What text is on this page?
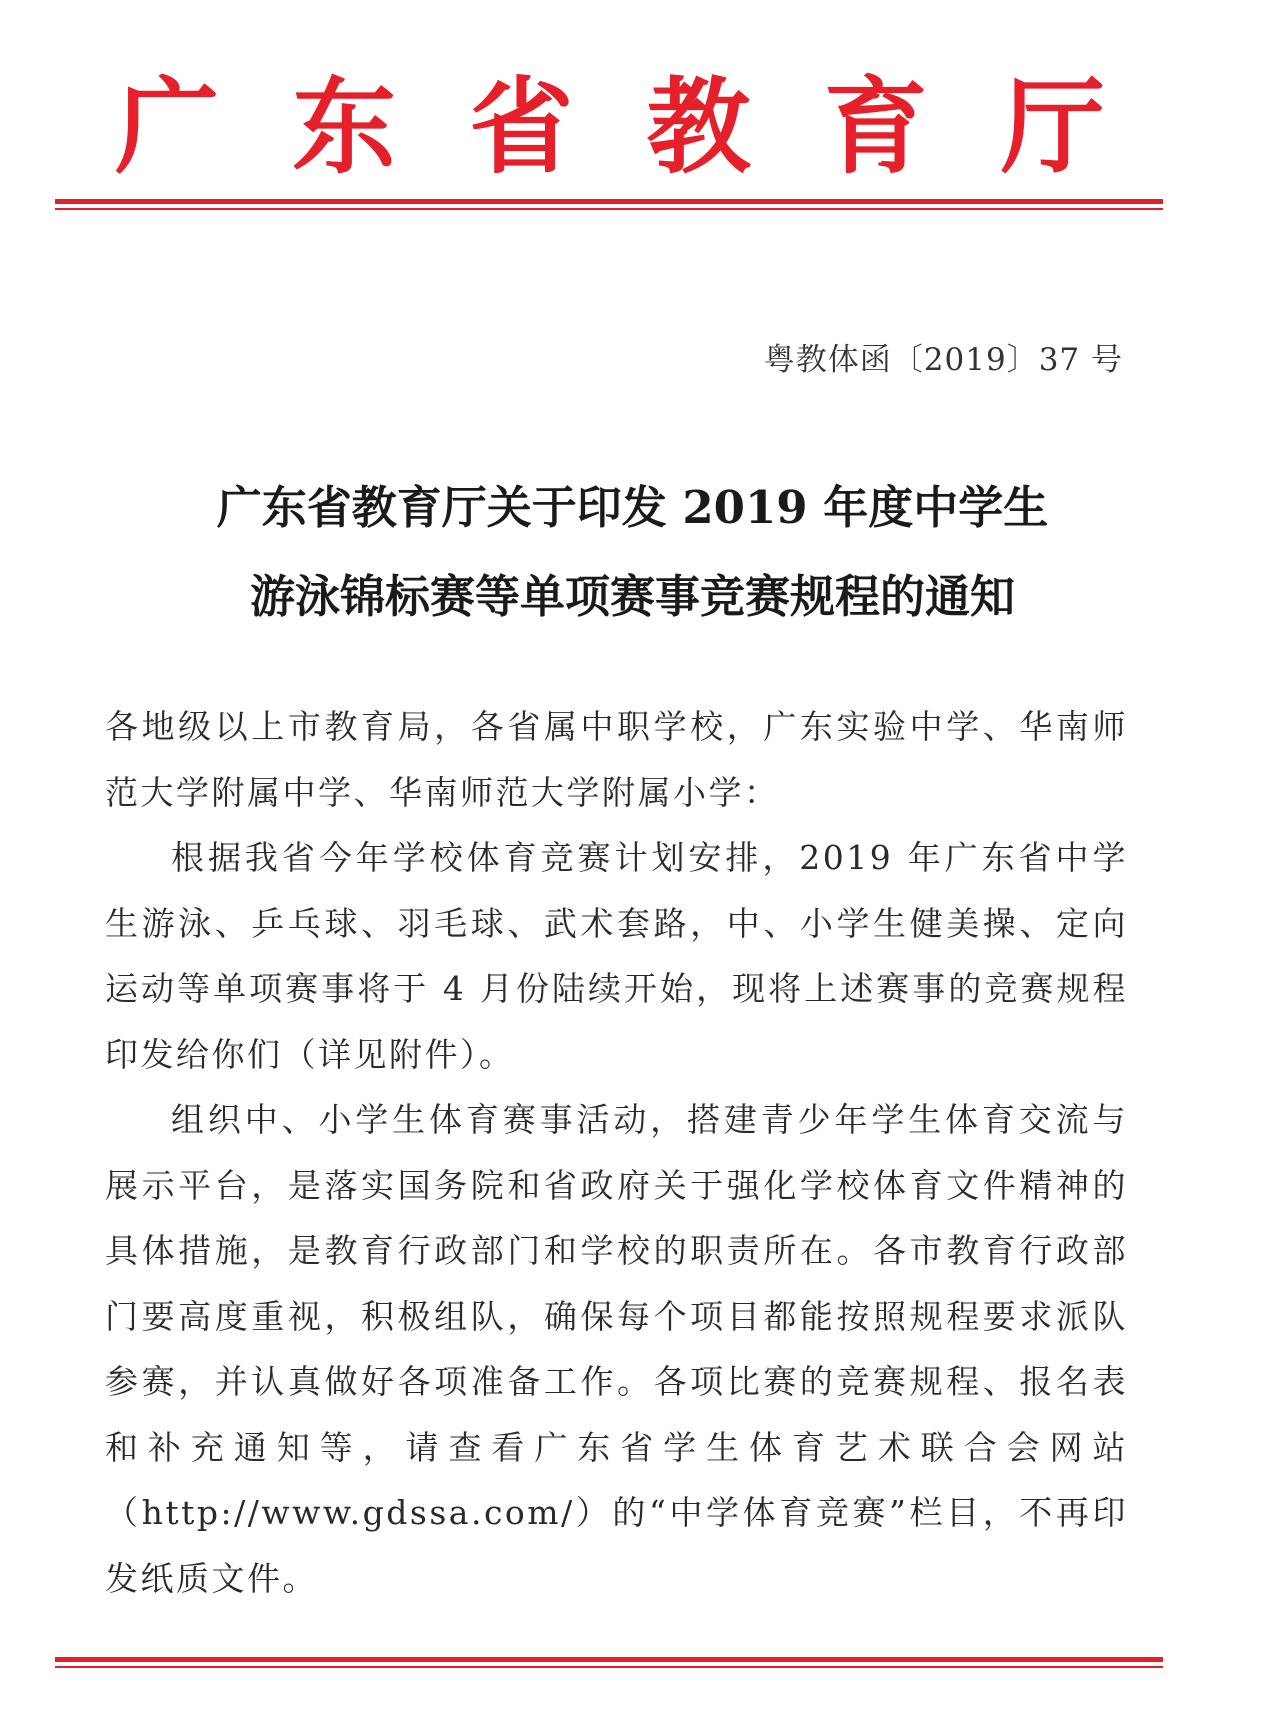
广 东 省 教 育 厅
粤教体函〔2019〕37 号
广东省教育厅关于印发 2019 年度中学生
游泳锦标赛等单项赛事竞赛规程的通知

各地级以上市教育局，各省属中职学校，广东实验中学、华南师范大学附属中学、华南师范大学附属小学：

根据我省今年学校体育竞赛计划安排，2019 年广东省中学生游泳、乒乓球、羽毛球、武术套路，中、小学生健美操、定向运动等单项赛事将于 4 月份陆续开始，现将上述赛事的竞赛规程印发给你们（详见附件）。

组织中、小学生体育赛事活动，搭建青少年学生体育交流与展示平台，是落实国务院和省政府关于强化学校体育文件精神的具体措施，是教育行政部门和学校的职责所在。各市教育行政部门要高度重视，积极组队，确保每个项目都能按照规程要求派队参赛，并认真做好各项准备工作。各项比赛的竞赛规程、报名表和补充通知等，请查看广东省学生体育艺术联合会网站（http://www.gdssa.com/）的“中学体育竞赛”栏目，不再印发纸质文件。
